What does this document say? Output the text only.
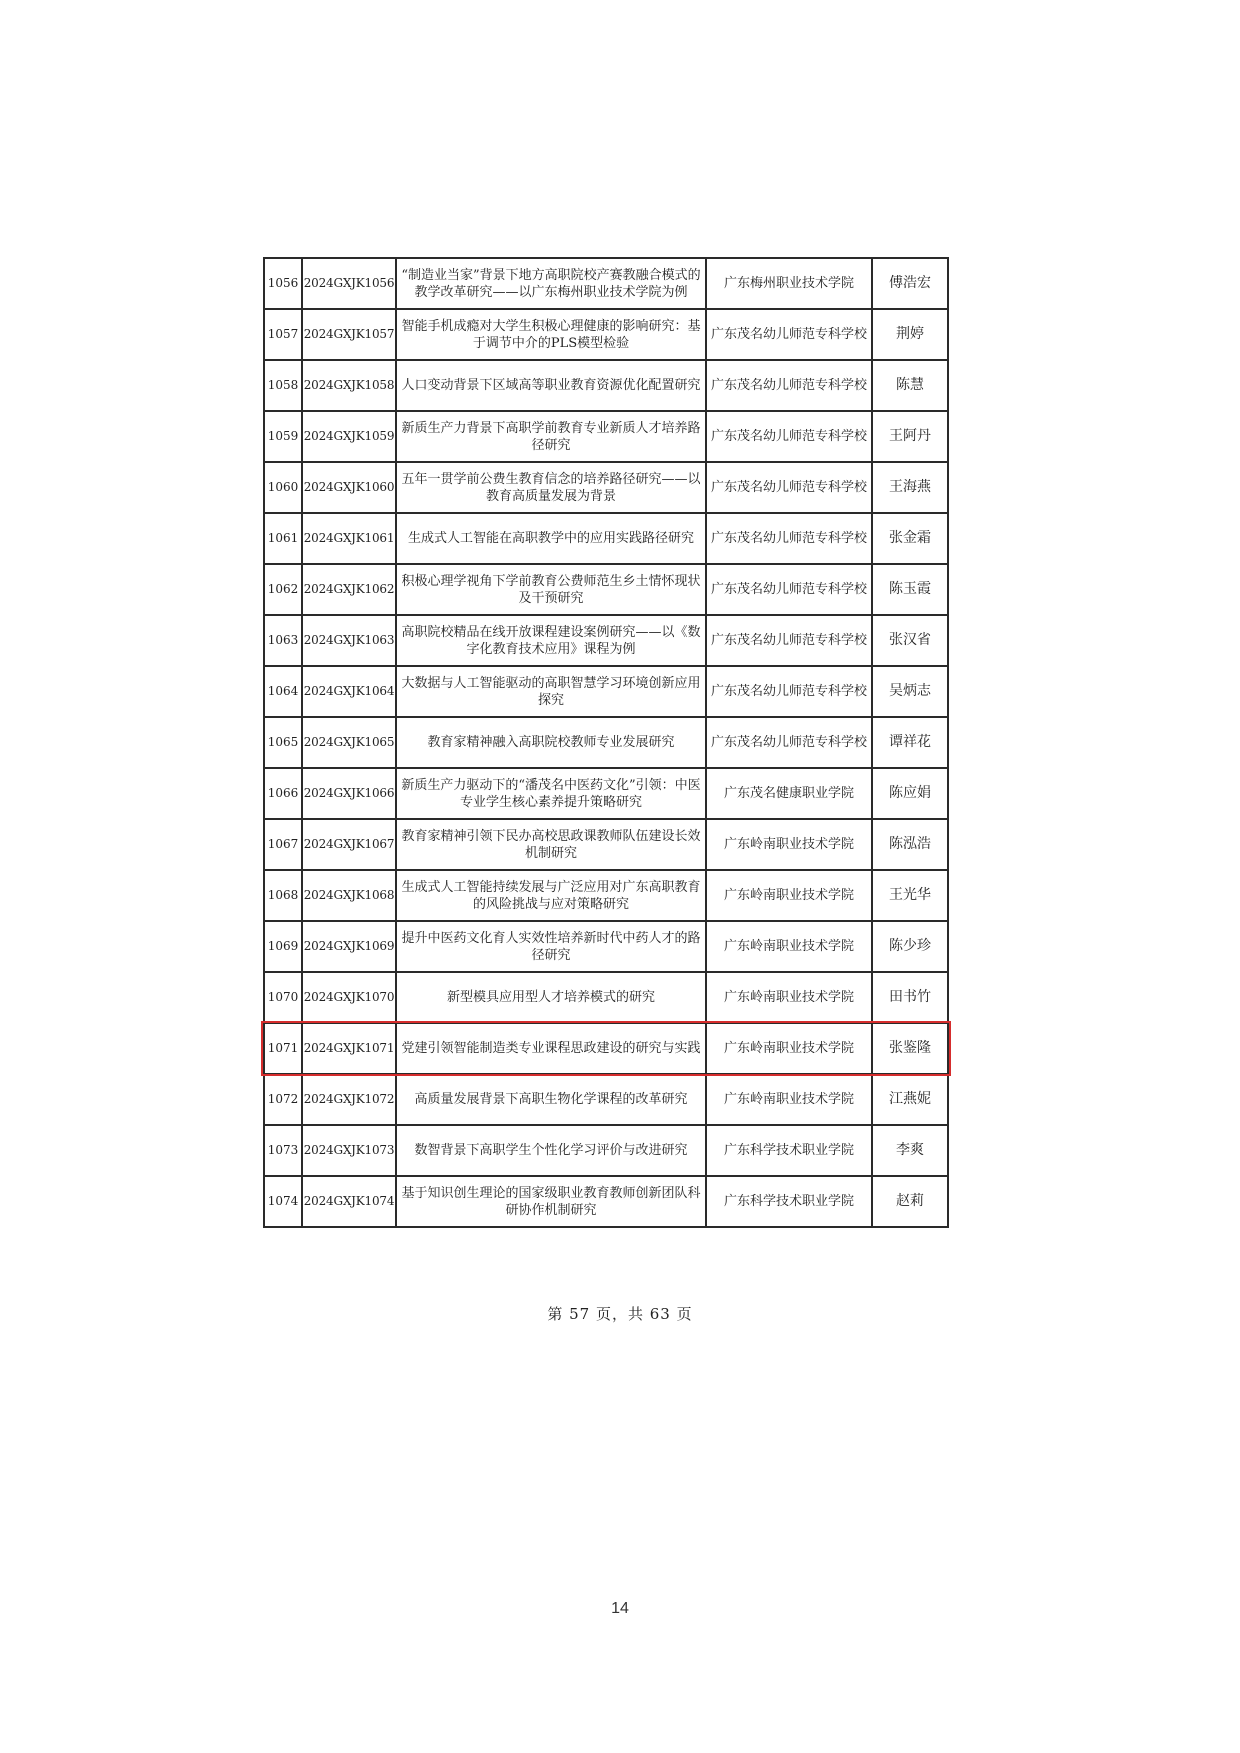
1056	2024GXJK1056	“制造业当家”背景下地方高职院校产赛教融合模式的教学改革研究——以广东梅州职业技术学院为例	广东梅州职业技术学院	傅浩宏
1057	2024GXJK1057	智能手机成瘾对大学生积极心理健康的影响研究：基于调节中介的PLS模型检验	广东茂名幼儿师范专科学校	荆婷
1058	2024GXJK1058	人口变动背景下区域高等职业教育资源优化配置研究	广东茂名幼儿师范专科学校	陈慧
1059	2024GXJK1059	新质生产力背景下高职学前教育专业新质人才培养路径研究	广东茂名幼儿师范专科学校	王阿丹
1060	2024GXJK1060	五年一贯学前公费生教育信念的培养路径研究——以教育高质量发展为背景	广东茂名幼儿师范专科学校	王海燕
1061	2024GXJK1061	生成式人工智能在高职教学中的应用实践路径研究	广东茂名幼儿师范专科学校	张金霜
1062	2024GXJK1062	积极心理学视角下学前教育公费师范生乡土情怀现状及干预研究	广东茂名幼儿师范专科学校	陈玉霞
1063	2024GXJK1063	高职院校精品在线开放课程建设案例研究——以《数字化教育技术应用》课程为例	广东茂名幼儿师范专科学校	张汉省
1064	2024GXJK1064	大数据与人工智能驱动的高职智慧学习环境创新应用探究	广东茂名幼儿师范专科学校	吴炳志
1065	2024GXJK1065	教育家精神融入高职院校教师专业发展研究	广东茂名幼儿师范专科学校	谭祥花
1066	2024GXJK1066	新质生产力驱动下的“潘茂名中医药文化”引领：中医专业学生核心素养提升策略研究	广东茂名健康职业学院	陈应娟
1067	2024GXJK1067	教育家精神引领下民办高校思政课教师队伍建设长效机制研究	广东岭南职业技术学院	陈泓浩
1068	2024GXJK1068	生成式人工智能持续发展与广泛应用对广东高职教育的风险挑战与应对策略研究	广东岭南职业技术学院	王光华
1069	2024GXJK1069	提升中医药文化育人实效性培养新时代中药人才的路径研究	广东岭南职业技术学院	陈少珍
1070	2024GXJK1070	新型模具应用型人才培养模式的研究	广东岭南职业技术学院	田书竹
1071	2024GXJK1071	党建引领智能制造类专业课程思政建设的研究与实践	广东岭南职业技术学院	张鉴隆
1072	2024GXJK1072	高质量发展背景下高职生物化学课程的改革研究	广东岭南职业技术学院	江燕妮
1073	2024GXJK1073	数智背景下高职学生个性化学习评价与改进研究	广东科学技术职业学院	李爽
1074	2024GXJK1074	基于知识创生理论的国家级职业教育教师创新团队科研协作机制研究	广东科学技术职业学院	赵莉
第 57 页，共 63 页
14
